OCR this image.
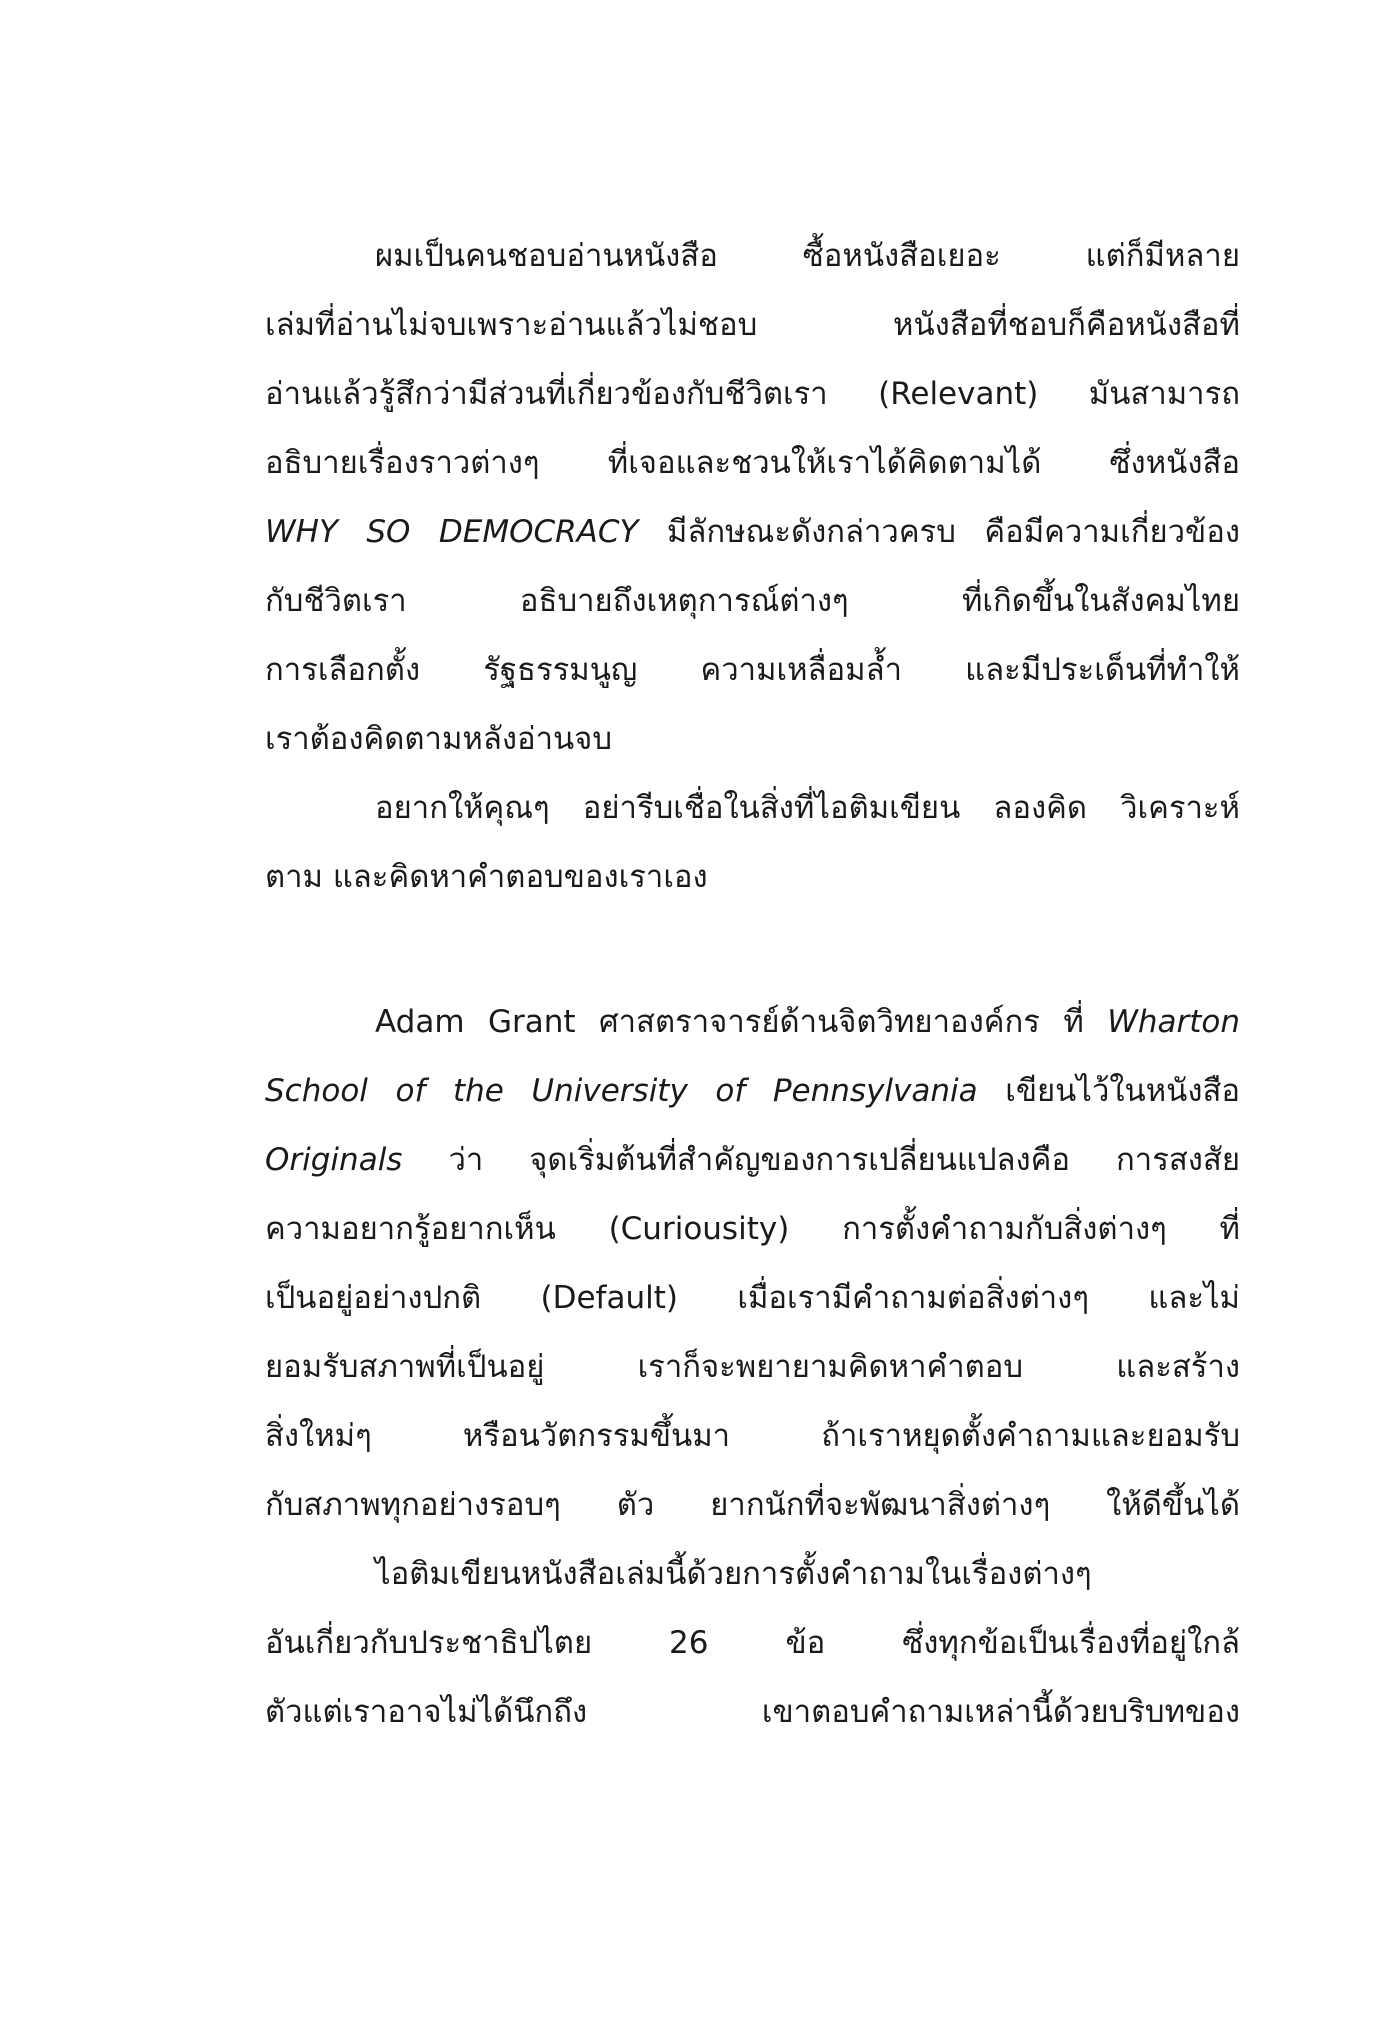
ผมเป็นคนชอบอ่านหนังสือ ซื้อหนังสือเยอะ แต่ก็มีหลาย
เล่มที่อ่านไม่จบเพราะอ่านแล้วไม่ชอบ หนังสือที่ชอบก็คือหนังสือที่
อ่านแล้วรู้สึกว่ามีส่วนที่เกี่ยวข้องกับชีวิตเรา (Relevant) มันสามารถ
อธิบายเรื่องราวต่างๆ ที่เจอและชวนให้เราได้คิดตามได้ ซึ่งหนังสือ
WHY SO DEMOCRACY มีลักษณะดังกล่าวครบ คือมีความเกี่ยวข้อง
กับชีวิตเรา อธิบายถึงเหตุการณ์ต่างๆ ที่เกิดขึ้นในสังคมไทย
การเลือกตั้ง รัฐธรรมนูญ ความเหลื่อมล้ำ และมีประเด็นที่ทำให้
เราต้องคิดตามหลังอ่านจบ
อยากให้คุณๆ อย่ารีบเชื่อในสิ่งที่ไอติมเขียน ลองคิด วิเคราะห์
ตาม และคิดหาคำตอบของเราเอง
Adam Grant ศาสตราจารย์ด้านจิตวิทยาองค์กร ที่ Wharton
School of the University of Pennsylvania เขียนไว้ในหนังสือ
Originals ว่า จุดเริ่มต้นที่สำคัญของการเปลี่ยนแปลงคือ การสงสัย
ความอยากรู้อยากเห็น (Curiousity) การตั้งคำถามกับสิ่งต่างๆ ที่
เป็นอยู่อย่างปกติ (Default) เมื่อเรามีคำถามต่อสิ่งต่างๆ และไม่
ยอมรับสภาพที่เป็นอยู่ เราก็จะพยายามคิดหาคำตอบ และสร้าง
สิ่งใหม่ๆ หรือนวัตกรรมขึ้นมา ถ้าเราหยุดตั้งคำถามและยอมรับ
กับสภาพทุกอย่างรอบๆ ตัว ยากนักที่จะพัฒนาสิ่งต่างๆ ให้ดีขึ้นได้
ไอติมเขียนหนังสือเล่มนี้ด้วยการตั้งคำถามในเรื่องต่างๆ
อันเกี่ยวกับประชาธิปไตย 26 ข้อ ซึ่งทุกข้อเป็นเรื่องที่อยู่ใกล้
ตัวแต่เราอาจไม่ได้นึกถึง เขาตอบคำถามเหล่านี้ด้วยบริบทของ
